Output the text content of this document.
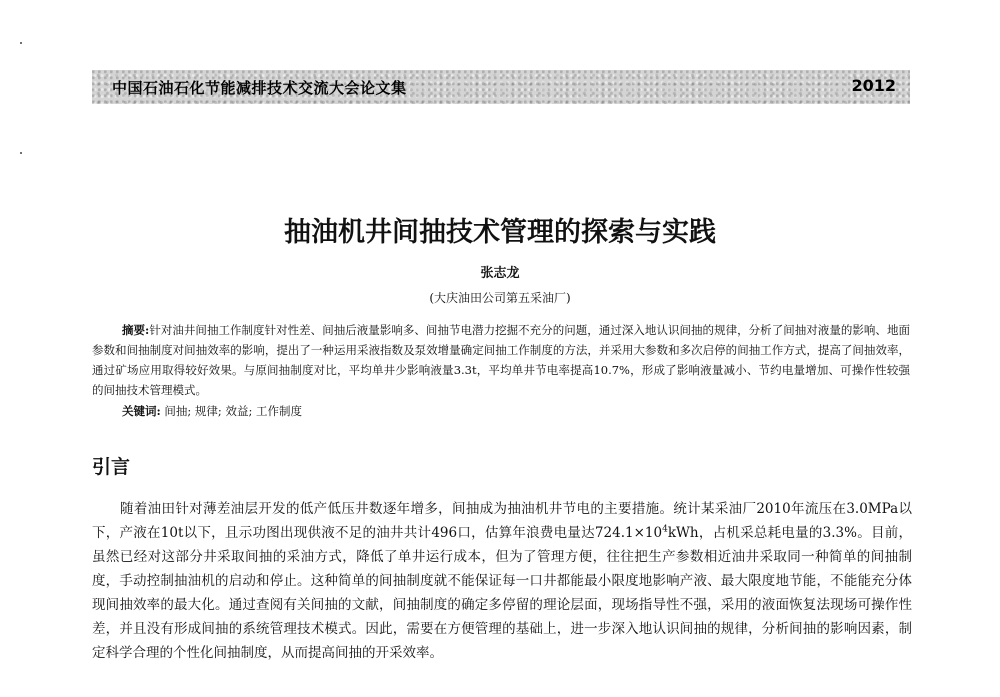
中国石油石化节能减排技术交流大会论文集	2012
抽油机井间抽技术管理的探索与实践
张志龙
(大庆油田公司第五采油厂)
摘要:针对油井间抽工作制度针对性差、间抽后液量影响多、间抽节电潜力挖掘不充分的问题，通过深入地认识间抽的规律，分析了间抽对液量的影响、地面参数和间抽制度对间抽效率的影响，提出了一种运用采液指数及泵效增量确定间抽工作制度的方法，并采用大参数和多次启停的间抽工作方式，提高了间抽效率，通过矿场应用取得较好效果。与原间抽制度对比，平均单井少影响液量3.3t，平均单井节电率提高10.7%，形成了影响液量减小、节约电量增加、可操作性较强的间抽技术管理模式。
关键词: 间抽; 规律; 效益; 工作制度
引言
随着油田针对薄差油层开发的低产低压井数逐年增多，间抽成为抽油机井节电的主要措施。统计某采油厂2010年流压在3.0MPa以下，产液在10t以下，且示功图出现供液不足的油井共计496口，估算年浪费电量达$724.1\times 10^4kWh$，占机采总耗电量的3.3%。目前，虽然已经对这部分井采取间抽的采油方式，降低了单井运行成本，但为了管理方便，往往把生产参数相近油井采取同一种简单的间抽制度，手动控制抽油机的启动和停止。这种简单的间抽制度就不能保证每一口井都能最小限度地影响产液、最大限度地节能，不能能充分体现间抽效率的最大化。通过查阅有关间抽的文献，间抽制度的确定多停留的理论层面，现场指导性不强，采用的液面恢复法现场可操作性差，并且没有形成间抽的系统管理技术模式。因此，需要在方便管理的基础上，进一步深入地认识间抽的规律，分析间抽的影响因素，制定科学合理的个性化间抽制度，从而提高间抽的开采效率。
